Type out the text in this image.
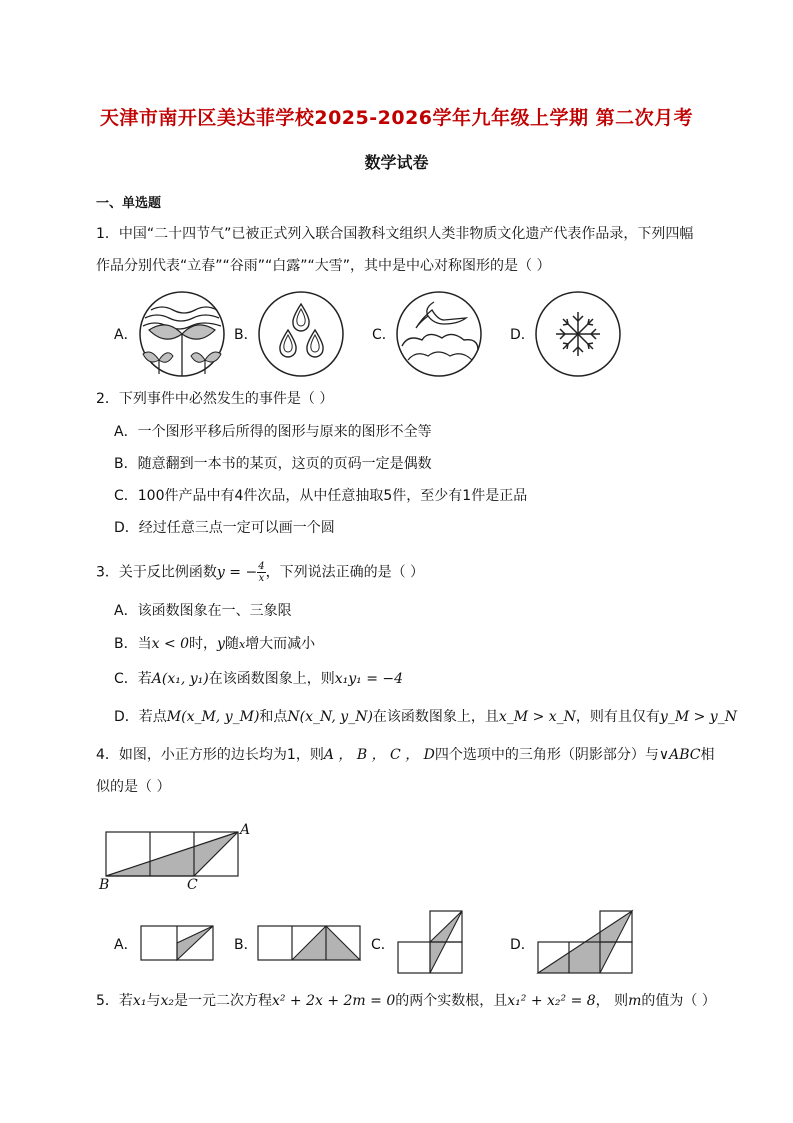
天津市南开区美达菲学校2025-2026学年九年级上学期 第二次月考
数学试卷
一、单选题
1．中国“二十四节气”已被正式列入联合国教科文组织人类非物质文化遗产代表作品录，下列四幅
作品分别代表“立春”“谷雨”“白露”“大雪”，其中是中心对称图形的是（ ）
A．	B．	C．	D．
2．下列事件中必然发生的事件是（ ）
A．一个图形平移后所得的图形与原来的图形不全等
B．随意翻到一本书的某页，这页的页码一定是偶数
C．100件产品中有4件次品，从中任意抽取5件，至少有1件是正品
D．经过任意三点一定可以画一个圆
3．关于反比例函数y = − $\frac{4}{x}$ ，下列说法正确的是（ ）
A．该函数图象在一、三象限
B．当x < 0时，y随x增大而减小
C．若A(x₁, y₁)在该函数图象上，则x₁y₁ = −4
D．若点M(x_M, y_M)和点N(x_N, y_N)在该函数图象上，且x_M > x_N，则有且仅有y_M > y_N
4．如图，小正方形的边长均为1，则A ， B ， C ， D四个选项中的三角形（阴影部分）与∨ABC相
似的是（ ）
A
B	C
A．	B．	C．	D．
5．若x₁与x₂是一元二次方程x² + 2x + 2m = 0的两个实数根，且x₁² + x₂² = 8， 则m的值为（ ）
